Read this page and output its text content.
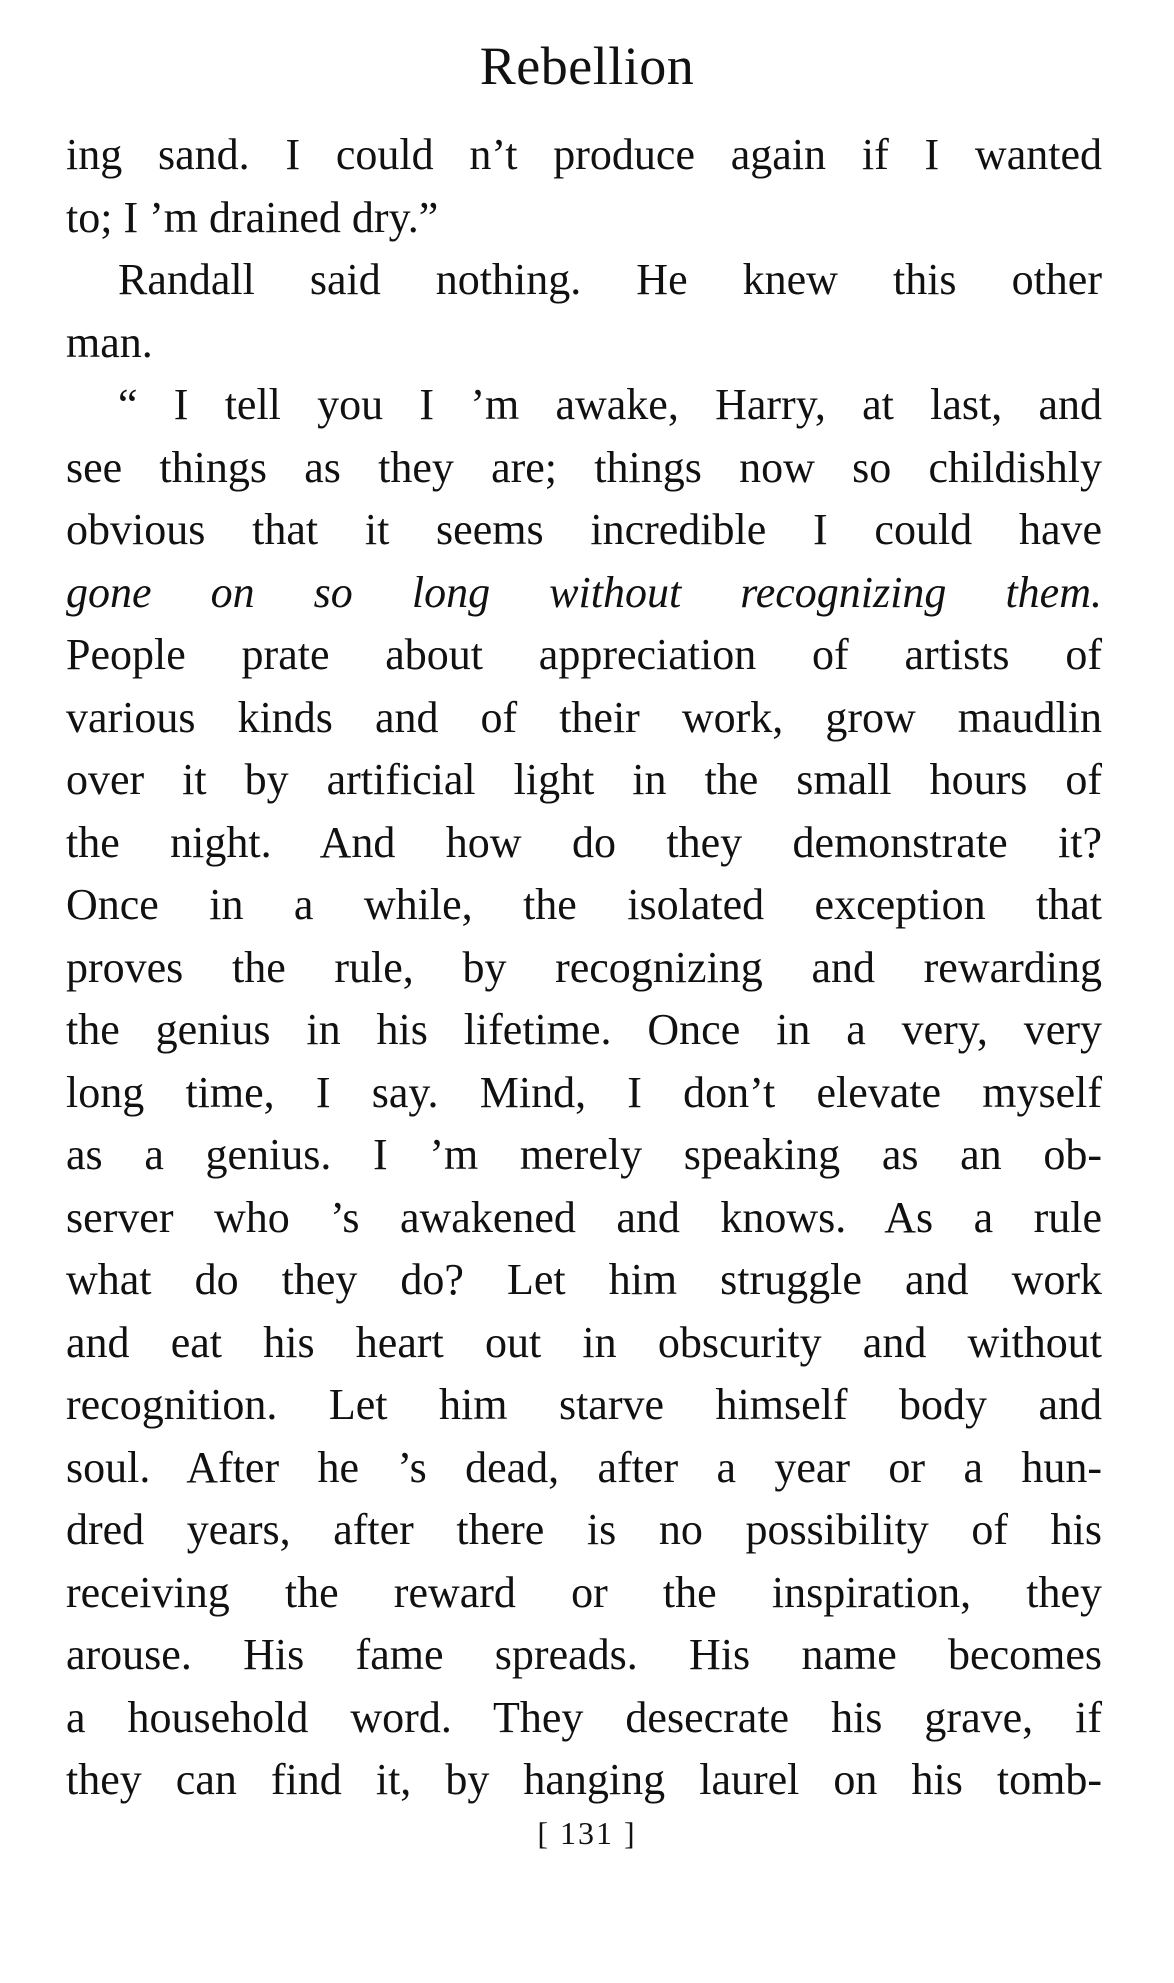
Rebellion
ing sand. I could n’t produce again if I wanted
to; I ’m drained dry.”
Randall said nothing. He knew this other
man.
“ I tell you I ’m awake, Harry, at last, and
see things as they are; things now so childishly
obvious that it seems incredible I could have
gone on so long without recognizing them.
People prate about appreciation of artists of
various kinds and of their work, grow maudlin
over it by artificial light in the small hours of
the night. And how do they demonstrate it?
Once in a while, the isolated exception that
proves the rule, by recognizing and rewarding
the genius in his lifetime. Once in a very, very
long time, I say. Mind, I don’t elevate myself
as a genius. I ’m merely speaking as an ob-
server who ’s awakened and knows. As a rule
what do they do? Let him struggle and work
and eat his heart out in obscurity and without
recognition. Let him starve himself body and
soul. After he ’s dead, after a year or a hun-
dred years, after there is no possibility of his
receiving the reward or the inspiration, they
arouse. His fame spreads. His name becomes
a household word. They desecrate his grave, if
they can find it, by hanging laurel on his tomb-
[ 131 ]
